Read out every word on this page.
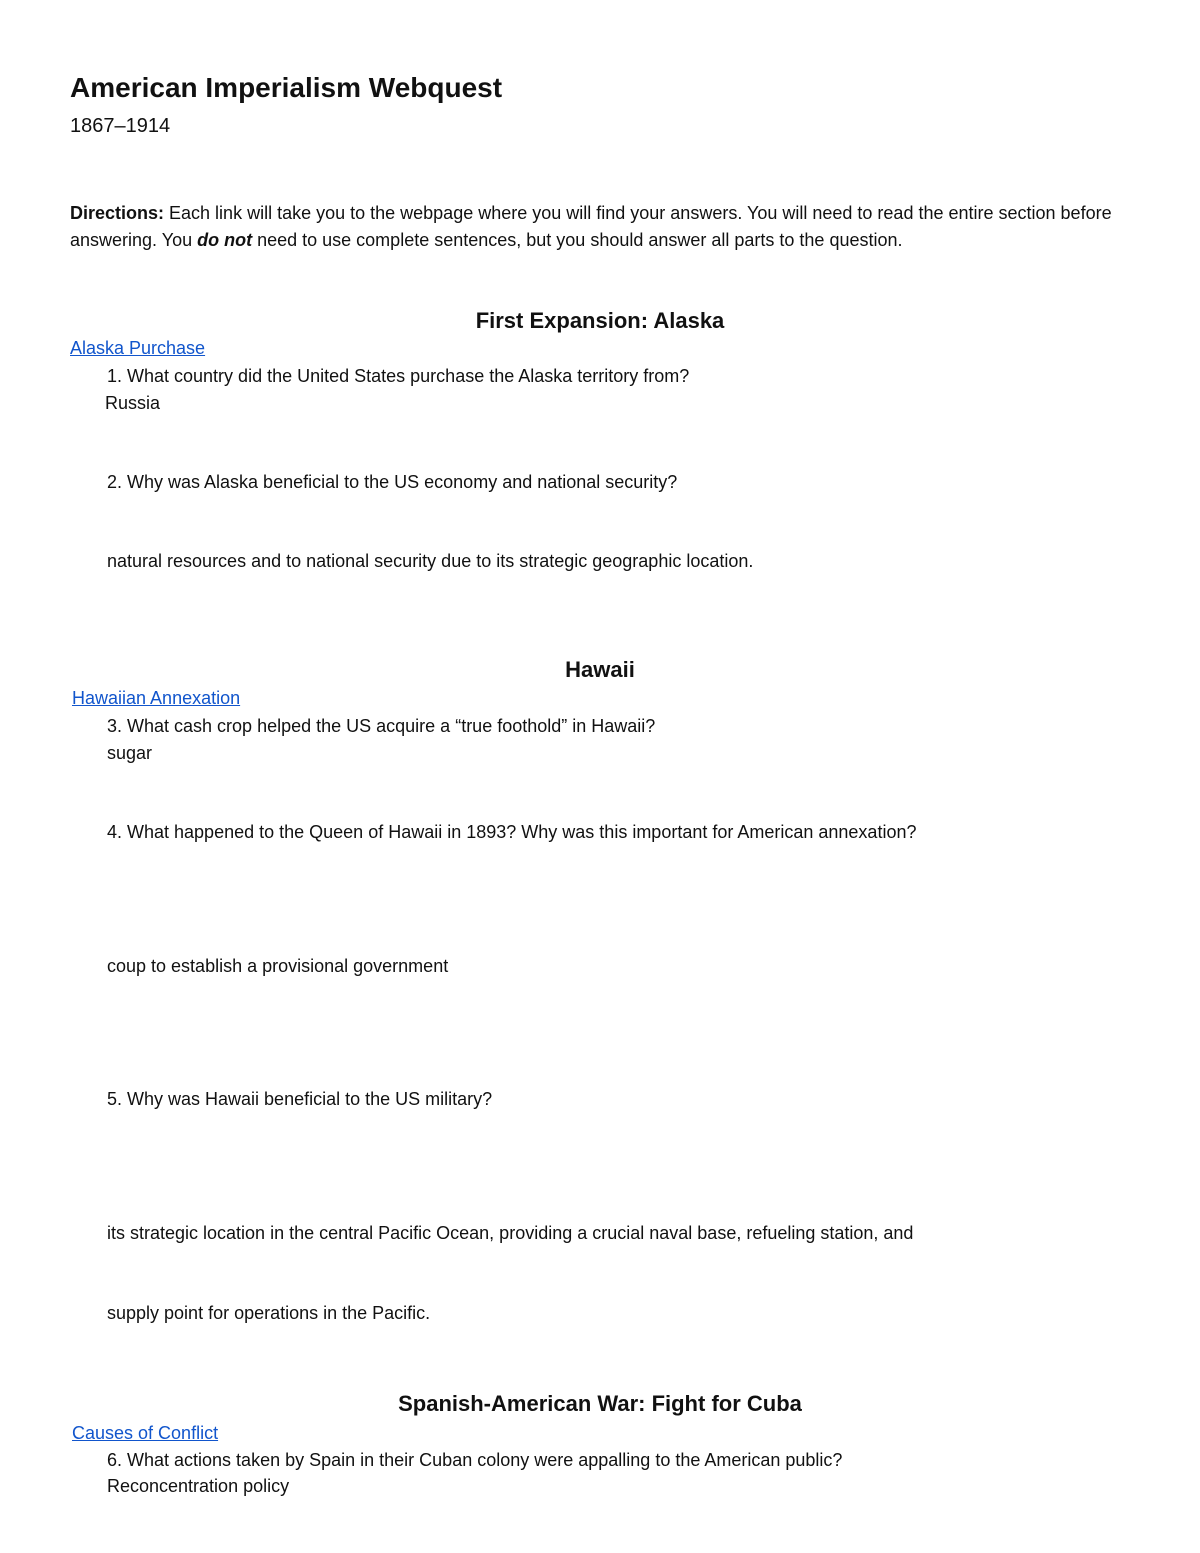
American Imperialism Webquest
1867–1914
Directions: Each link will take you to the webpage where you will find your answers. You will need to read the entire section before answering. You do not need to use complete sentences, but you should answer all parts to the question.
First Expansion: Alaska
Alaska Purchase
1. What country did the United States purchase the Alaska territory from?
Russia
2. Why was Alaska beneficial to the US economy and national security?
natural resources and to national security due to its strategic geographic location.
Hawaii
Hawaiian Annexation
3. What cash crop helped the US acquire a “true foothold” in Hawaii?
sugar
4. What happened to the Queen of Hawaii in 1893? Why was this important for American annexation?
coup to establish a provisional government
5. Why was Hawaii beneficial to the US military?
its strategic location in the central Pacific Ocean, providing a crucial naval base, refueling station, and
supply point for operations in the Pacific.
Spanish-American War: Fight for Cuba
Causes of Conflict
6. What actions taken by Spain in their Cuban colony were appalling to the American public?
Reconcentration policy
